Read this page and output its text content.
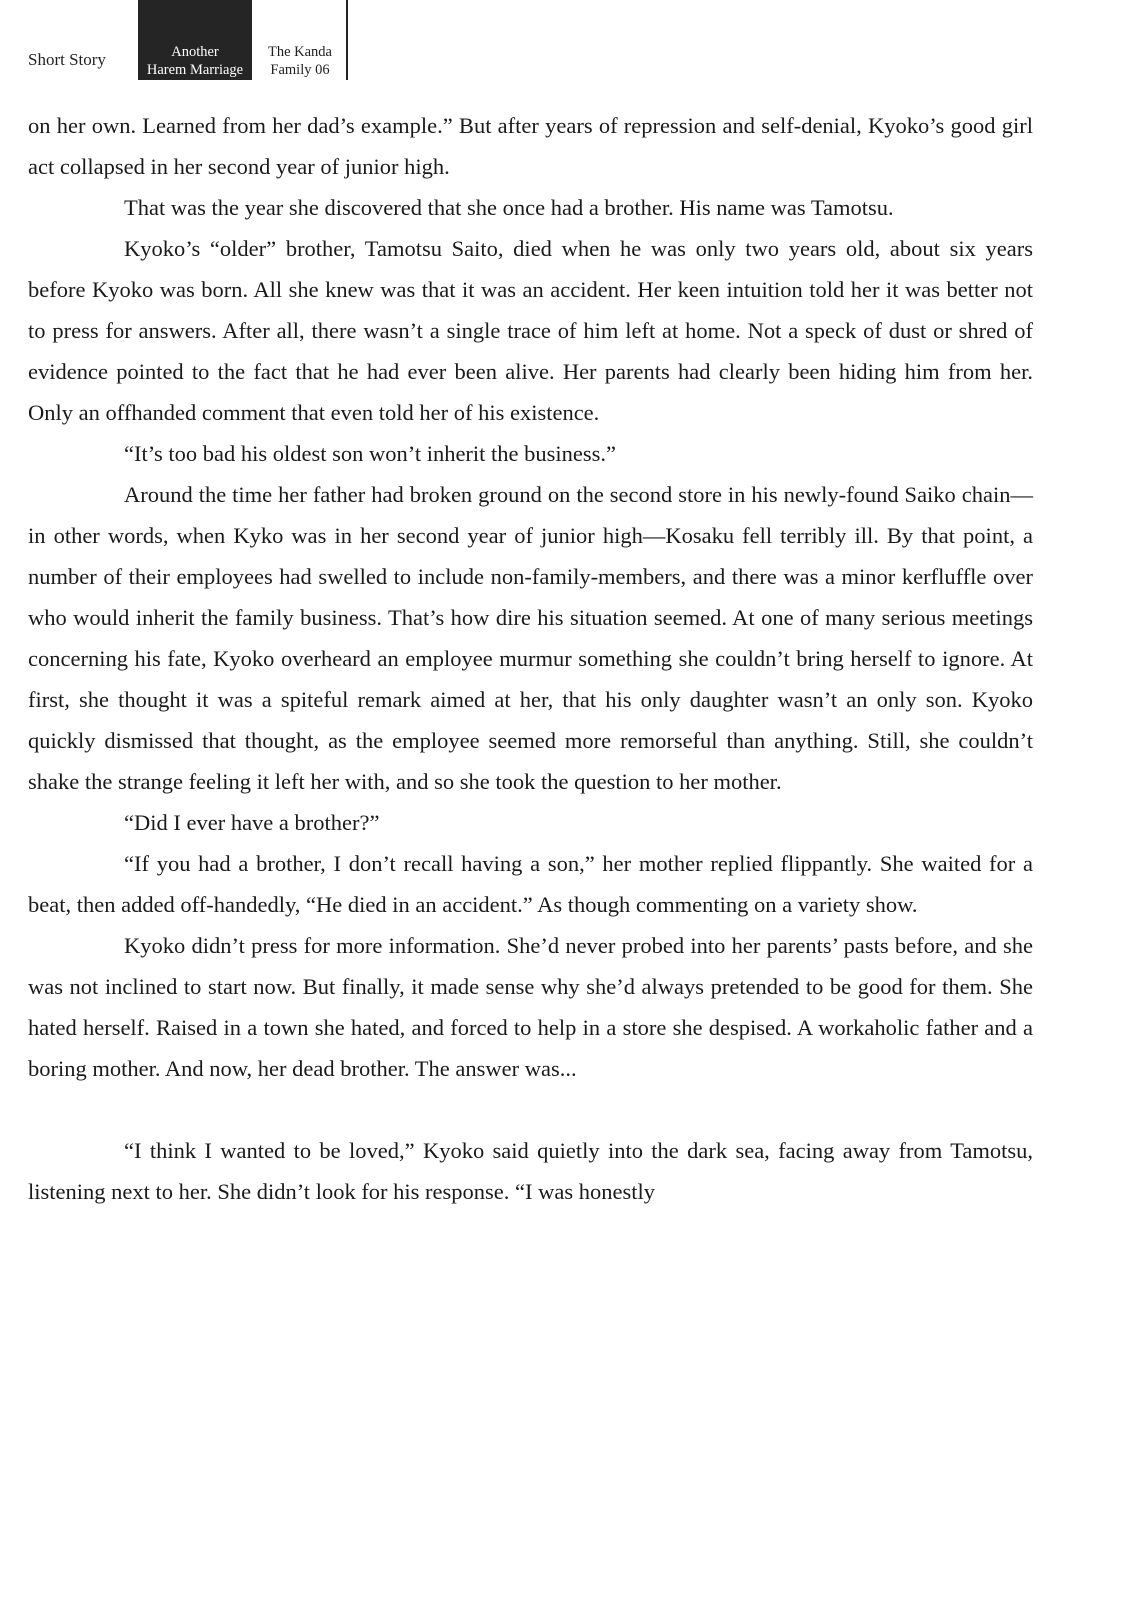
Short Story	Another
Harem Marriage
The Kanda
Family 06

on her own. Learned from her dad’s example.” But after years of repression and self-denial, Kyoko’s good girl act collapsed in her second year of junior high.

That was the year she discovered that she once had a brother. His name was Tamotsu.

Kyoko’s “older” brother, Tamotsu Saito, died when he was only two years old, about six years before Kyoko was born. All she knew was that it was an accident. Her keen intuition told her it was better not to press for answers. After all, there wasn’t a single trace of him left at home. Not a speck of dust or shred of evidence pointed to the fact that he had ever been alive. Her parents had clearly been hiding him from her. Only an offhanded comment that even told her of his existence.

“It’s too bad his oldest son won’t inherit the business.”

Around the time her father had broken ground on the second store in his newly-found Saiko chain—in other words, when Kyko was in her second year of junior high—Kosaku fell terribly ill. By that point, a number of their employees had swelled to include non-family-members, and there was a minor kerfluffle over who would inherit the family business. That’s how dire his situation seemed. At one of many serious meetings concerning his fate, Kyoko overheard an employee murmur something she couldn’t bring herself to ignore. At first, she thought it was a spiteful remark aimed at her, that his only daughter wasn’t an only son. Kyoko quickly dismissed that thought, as the employee seemed more remorseful than anything. Still, she couldn’t shake the strange feeling it left her with, and so she took the question to her mother.

“Did I ever have a brother?”

“If you had a brother, I don’t recall having a son,” her mother replied flippantly. She waited for a beat, then added off-handedly, “He died in an accident.” As though commenting on a variety show.

Kyoko didn’t press for more information. She’d never probed into her parents’ pasts before, and she was not inclined to start now. But finally, it made sense why she’d always pretended to be good for them. She hated herself. Raised in a town she hated, and forced to help in a store she despised. A workaholic father and a boring mother. And now, her dead brother. The answer was...

“I think I wanted to be loved,” Kyoko said quietly into the dark sea, facing away from Tamotsu, listening next to her. She didn’t look for his response. “I was honestly
